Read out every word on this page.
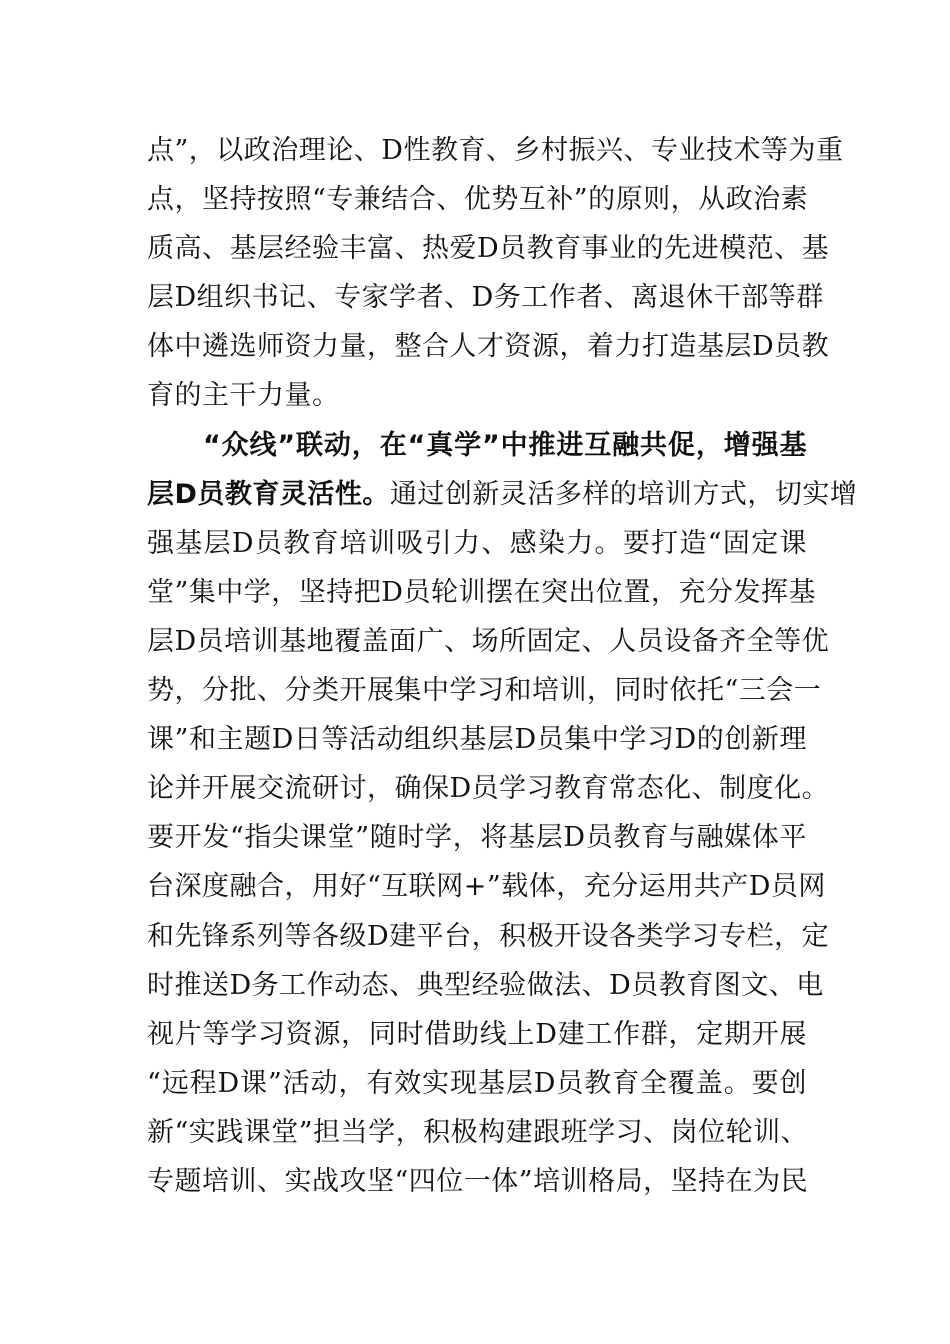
点”，以政治理论、D性教育、乡村振兴、专业技术等为重
点，坚持按照“专兼结合、优势互补”的原则，从政治素
质高、基层经验丰富、热爱D员教育事业的先进模范、基
层D组织书记、专家学者、D务工作者、离退休干部等群
体中遴选师资力量，整合人才资源，着力打造基层D员教
育的主干力量。
“众线”联动，在“真学”中推进互融共促，增强基
层D员教育灵活性。通过创新灵活多样的培训方式，切实增
强基层D员教育培训吸引力、感染力。要打造“固定课
堂”集中学，坚持把D员轮训摆在突出位置，充分发挥基
层D员培训基地覆盖面广、场所固定、人员设备齐全等优
势，分批、分类开展集中学习和培训，同时依托“三会一
课”和主题D日等活动组织基层D员集中学习D的创新理
论并开展交流研讨，确保D员学习教育常态化、制度化。
要开发“指尖课堂”随时学，将基层D员教育与融媒体平
台深度融合，用好“互联网+”载体，充分运用共产D员网
和先锋系列等各级D建平台，积极开设各类学习专栏，定
时推送D务工作动态、典型经验做法、D员教育图文、电
视片等学习资源，同时借助线上D建工作群，定期开展
“远程D课”活动，有效实现基层D员教育全覆盖。要创
新“实践课堂”担当学，积极构建跟班学习、岗位轮训、
专题培训、实战攻坚“四位一体”培训格局，坚持在为民
